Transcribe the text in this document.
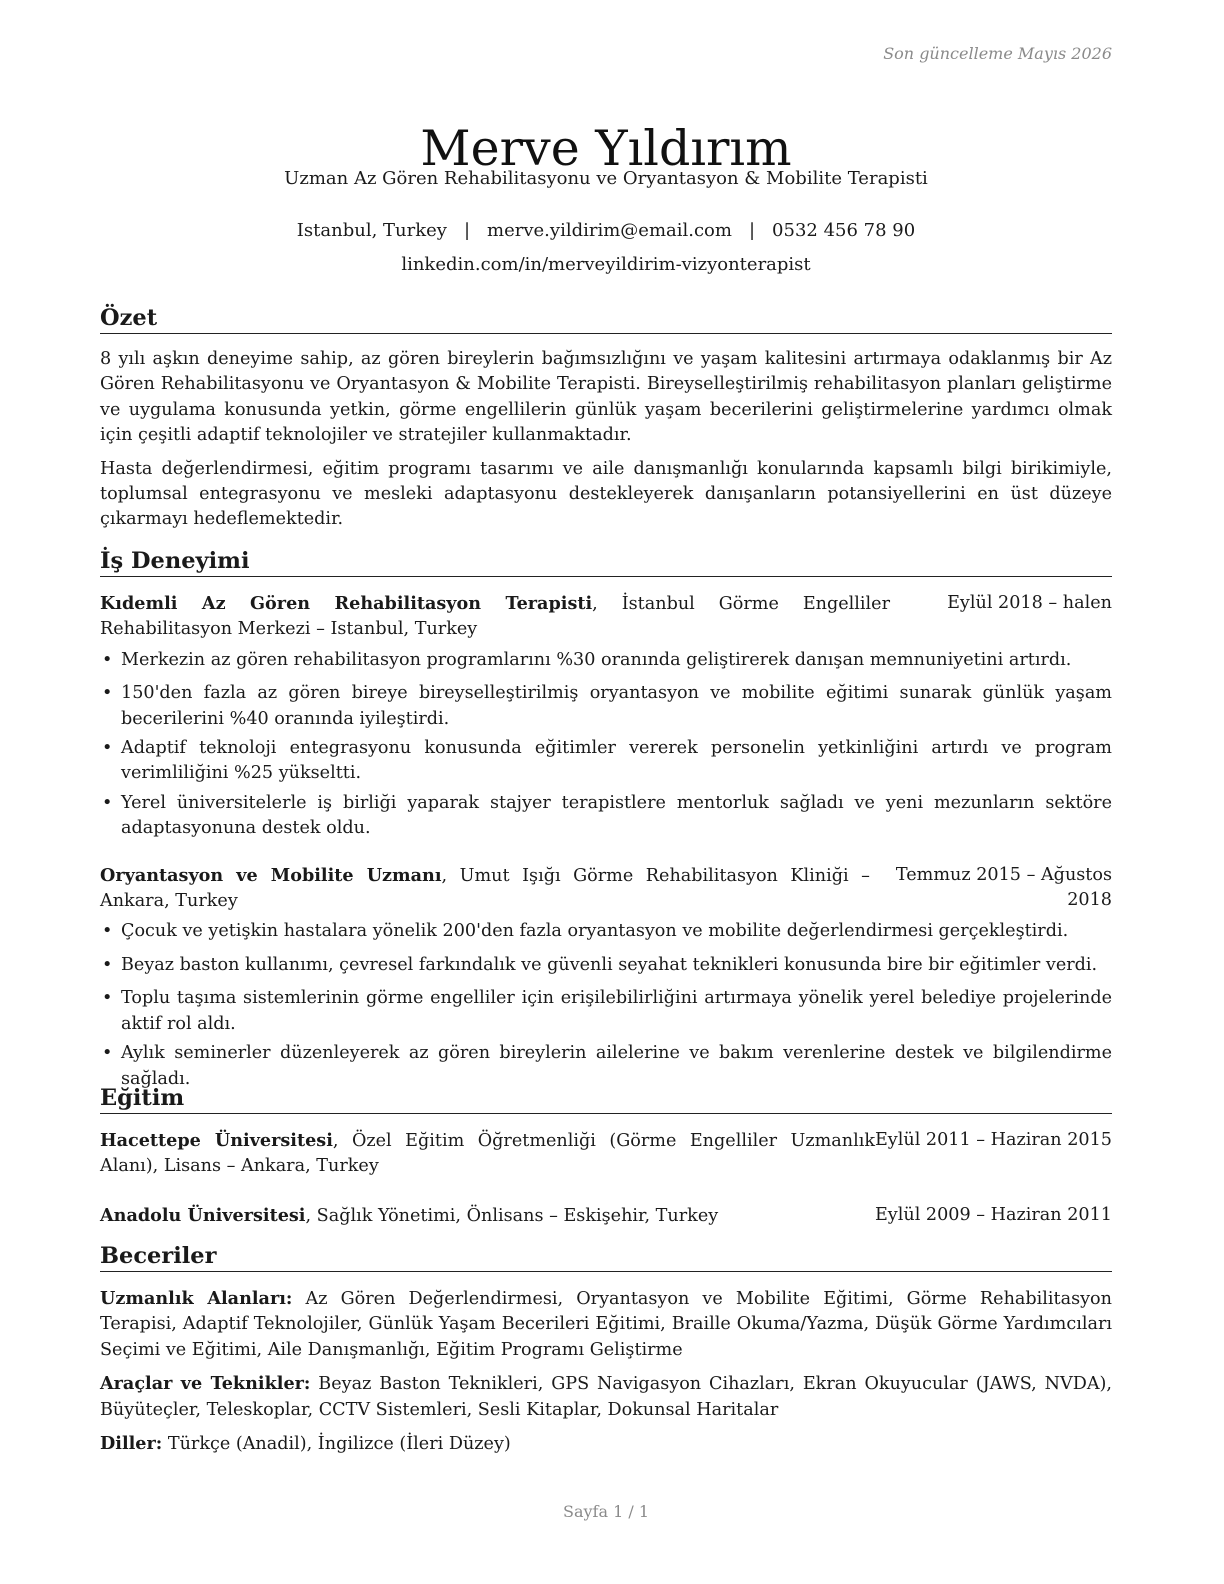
Son güncelleme Mayıs 2026
Merve Yıldırım
Uzman Az Gören Rehabilitasyonu ve Oryantasyon & Mobilite Terapisti
Istanbul, Turkey | merve.yildirim@email.com | 0532 456 78 90
linkedin.com/in/merveyildirim-vizyonterapist
Özet

8 yılı aşkın deneyime sahip, az gören bireylerin bağımsızlığını ve yaşam kalitesini artırmaya odaklanmış bir Az Gören Rehabilitasyonu ve Oryantasyon & Mobilite Terapisti. Bireyselleştirilmiş rehabilitasyon planları geliştirme ve uygulama konusunda yetkin, görme engellilerin günlük yaşam becerilerini geliştirmelerine yardımcı olmak için çeşitli adaptif teknolojiler ve stratejiler kullanmaktadır.

Hasta değerlendirmesi, eğitim programı tasarımı ve aile danışmanlığı konularında kapsamlı bilgi birikimiyle, toplumsal entegrasyonu ve mesleki adaptasyonu destekleyerek danışanların potansiyellerini en üst düzeye çıkarmayı hedeflemektedir.

İş Deneyimi
Kıdemli Az Gören Rehabilitasyon Terapisti, İstanbul Görme Engelliler Rehabilitasyon Merkezi – Istanbul, Turkey
Eylül 2018 – halen
• Merkezin az gören rehabilitasyon programlarını %30 oranında geliştirerek danışan memnuniyetini artırdı.
• 150'den fazla az gören bireye bireyselleştirilmiş oryantasyon ve mobilite eğitimi sunarak günlük yaşam becerilerini %40 oranında iyileştirdi.
• Adaptif teknoloji entegrasyonu konusunda eğitimler vererek personelin yetkinliğini artırdı ve program verimliliğini %25 yükseltti.
• Yerel üniversitelerle iş birliği yaparak stajyer terapistlere mentorluk sağladı ve yeni mezunların sektöre adaptasyonuna destek oldu.
Oryantasyon ve Mobilite Uzmanı, Umut Işığı Görme Rehabilitasyon Kliniği – Ankara, Turkey
Temmuz 2015 – Ağustos 2018
• Çocuk ve yetişkin hastalara yönelik 200'den fazla oryantasyon ve mobilite değerlendirmesi gerçekleştirdi.
• Beyaz baston kullanımı, çevresel farkındalık ve güvenli seyahat teknikleri konusunda bire bir eğitimler verdi.
• Toplu taşıma sistemlerinin görme engelliler için erişilebilirliğini artırmaya yönelik yerel belediye projelerinde aktif rol aldı.
• Aylık seminerler düzenleyerek az gören bireylerin ailelerine ve bakım verenlerine destek ve bilgilendirme sağladı.
Eğitim
Hacettepe Üniversitesi, Özel Eğitim Öğretmenliği (Görme Engelliler Uzmanlık Alanı), Lisans – Ankara, Turkey
Eylül 2011 – Haziran 2015
Anadolu Üniversitesi, Sağlık Yönetimi, Önlisans – Eskişehir, Turkey	Eylül 2009 – Haziran 2011
Beceriler

Uzmanlık Alanları: Az Gören Değerlendirmesi, Oryantasyon ve Mobilite Eğitimi, Görme Rehabilitasyon Terapisi, Adaptif Teknolojiler, Günlük Yaşam Becerileri Eğitimi, Braille Okuma/Yazma, Düşük Görme Yardımcıları Seçimi ve Eğitimi, Aile Danışmanlığı, Eğitim Programı Geliştirme

Araçlar ve Teknikler: Beyaz Baston Teknikleri, GPS Navigasyon Cihazları, Ekran Okuyucular (JAWS, NVDA), Büyüteçler, Teleskoplar, CCTV Sistemleri, Sesli Kitaplar, Dokunsal Haritalar

Diller: Türkçe (Anadil), İngilizce (İleri Düzey)

Sayfa 1 / 1
